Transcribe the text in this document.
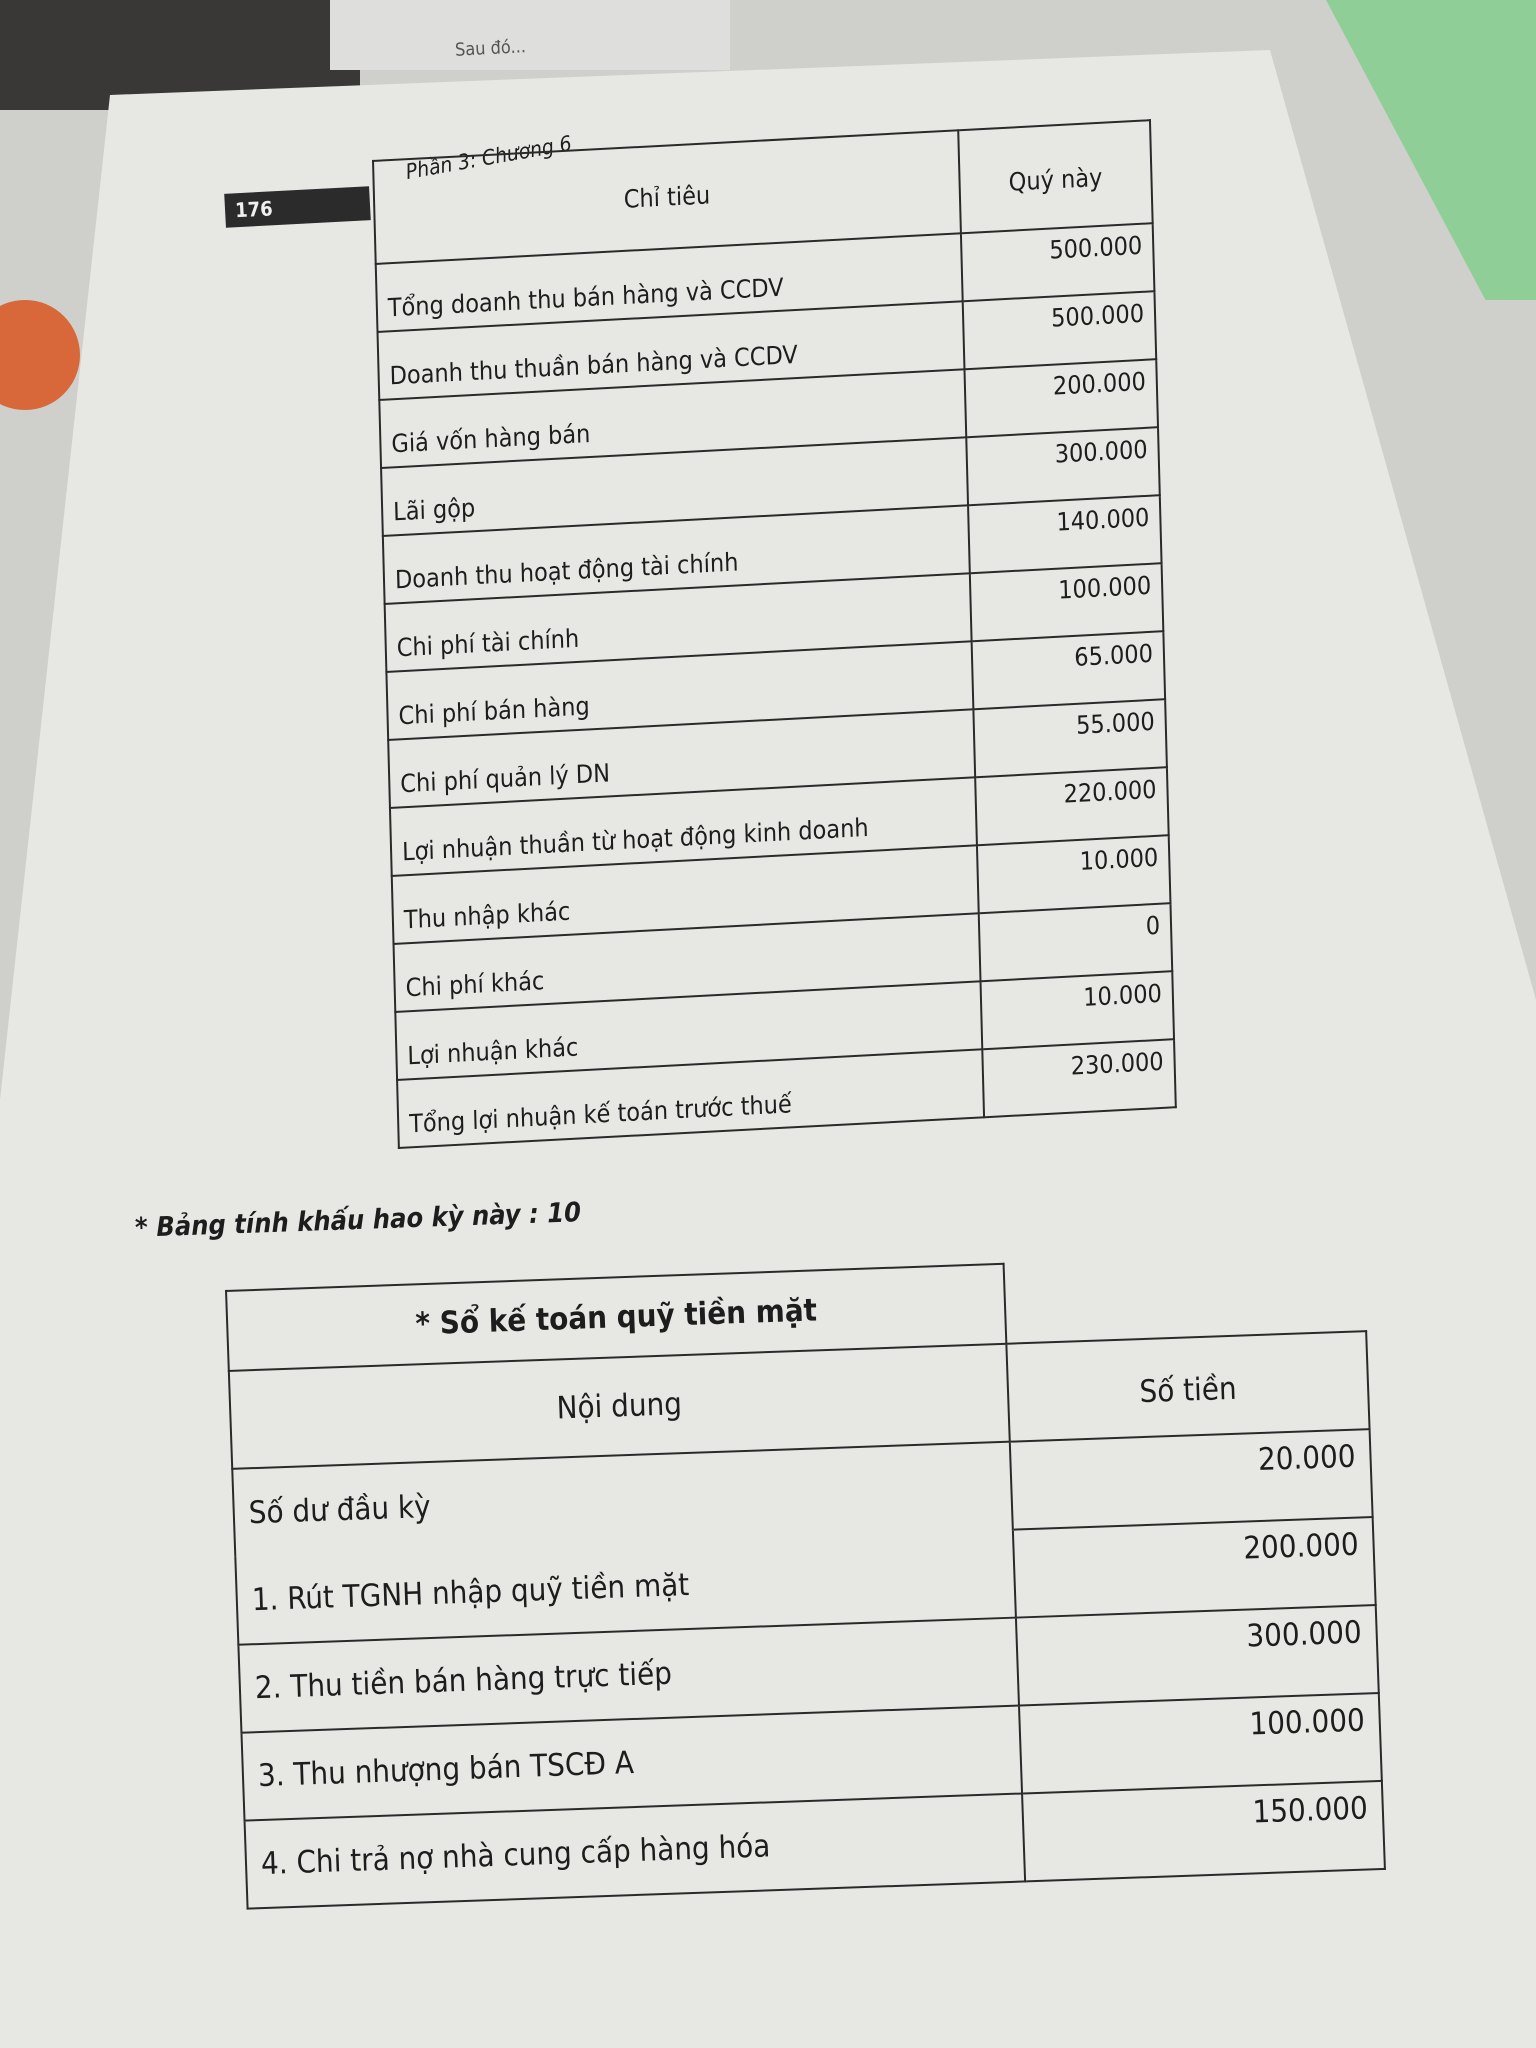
Sau đó...
176
Phần 3: Chương 6
Chỉ tiêu	Quý này
Tổng doanh thu bán hàng và CCDV	500.000
Doanh thu thuần bán hàng và CCDV	500.000
Giá vốn hàng bán	200.000
Lãi gộp	300.000
Doanh thu hoạt động tài chính	140.000
Chi phí tài chính	100.000
Chi phí bán hàng	65.000
Chi phí quản lý DN	55.000
Lợi nhuận thuần từ hoạt động kinh doanh	220.000
Thu nhập khác	10.000
Chi phí khác	0
Lợi nhuận khác	10.000
Tổng lợi nhuận kế toán trước thuế	230.000
* Bảng tính khấu hao kỳ này : 10
* Sổ kế toán quỹ tiền mặt	
Nội dung	Số tiền
Số dư đầu kỳ	20.000
1. Rút TGNH nhập quỹ tiền mặt	200.000
2. Thu tiền bán hàng trực tiếp	300.000
3. Thu nhượng bán TSCĐ A	100.000
4. Chi trả nợ nhà cung cấp hàng hóa	150.000
